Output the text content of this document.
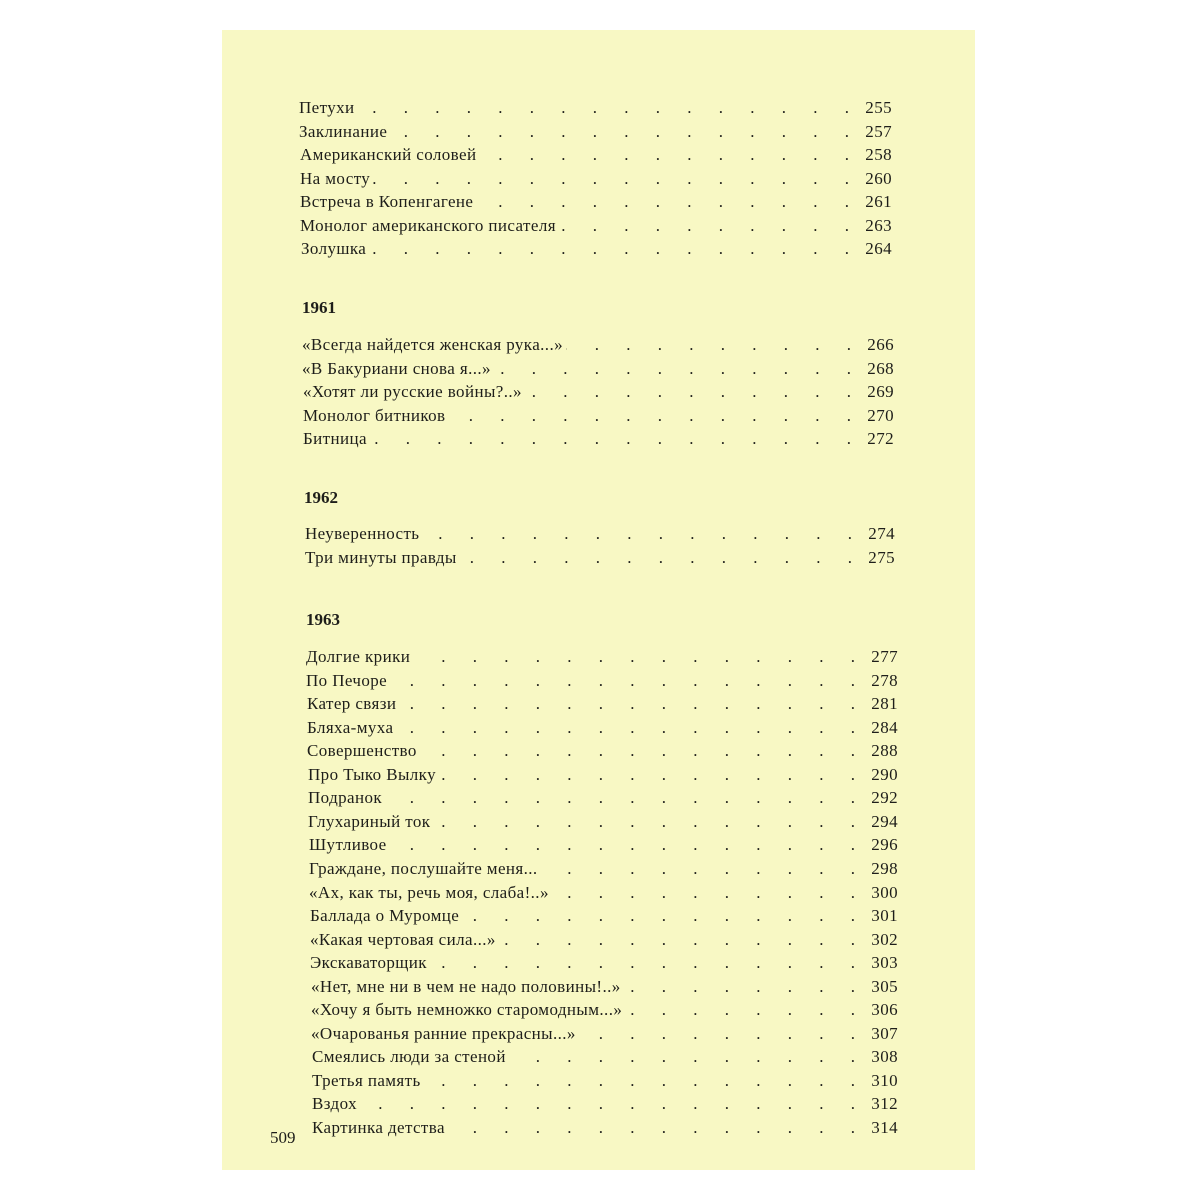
. . .
Петухи	255
. . .
Заклинание	257
. . .
Американский соловей	258
. . .
На мосту	260
. . .
Встреча в Копенгагене	261
. . .
Монолог американского писателя	263
. . .
Золушка	264
1961
. . .
«Всегда найдется женская рука...»	266
. . .
«В Бакуриани снова я...»	268
. . .
«Хотят ли русские войны?..»	269
. . .
Монолог битников	270
. . .
Битница	272
1962
. . .
Неуверенность	274
. . .
Три минуты правды	275
1963
. . .
Долгие крики	277
. . .
По Печоре	278
. . .
Катер связи	281
. . .
Бляха-муха	284
. . .
Совершенство	288
. . .
Про Тыко Вылку	290
. . .
Подранок	292
. . .
Глухариный ток	294
. . .
Шутливое	296
. . .
Граждане, послушайте меня...	298
. . .
«Ах, как ты, речь моя, слаба!..»	300
. . .
Баллада о Муромце	301
. . .
«Какая чертовая сила...»	302
. . .
Экскаваторщик	303
. . .
«Нет, мне ни в чем не надо половины!..»	305
. . .
«Хочу я быть немножко старомодным...»	306
. . .
«Очарованья ранние прекрасны...»	307
. . .
Смеялись люди за стеной	308
. . .
Третья память	310
. . .
Вздох	312
. . .
Картинка детства	314
509
